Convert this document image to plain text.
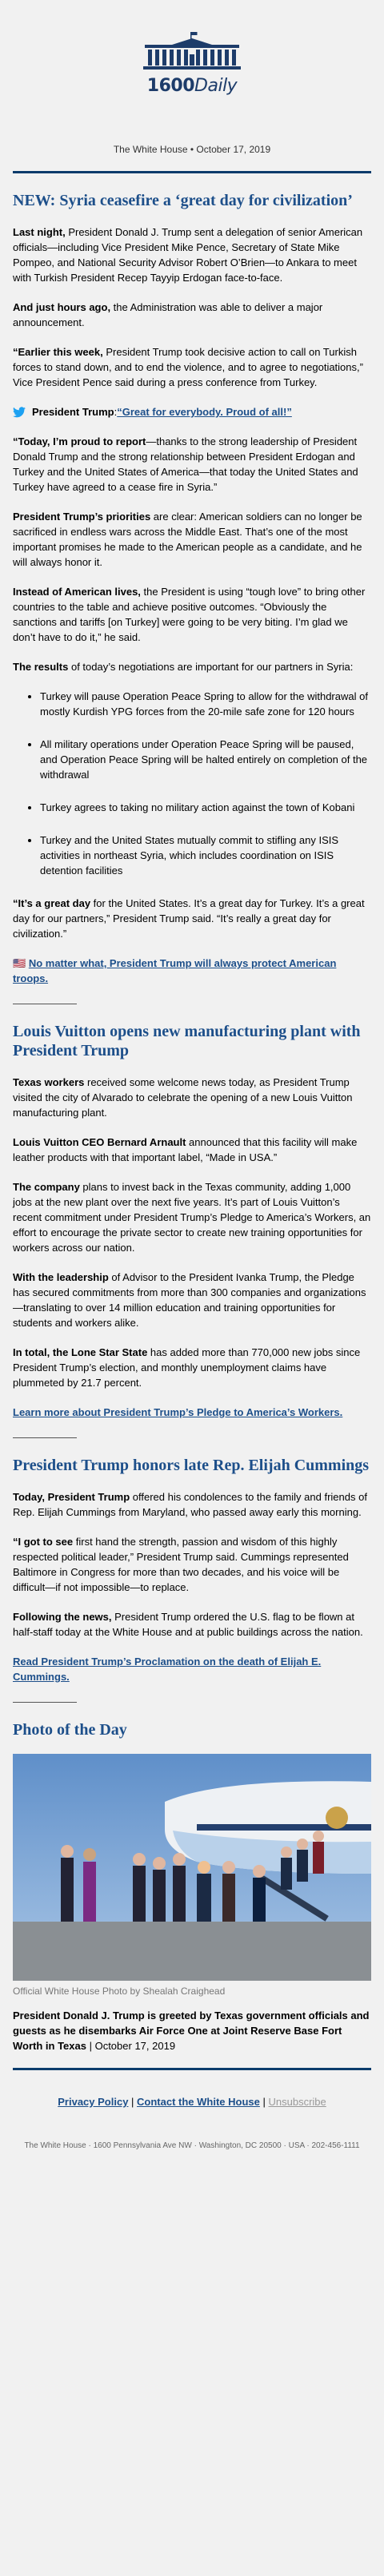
1600Daily
The White House • October 17, 2019
NEW: Syria ceasefire a ‘great day for civilization’

Last night, President Donald J. Trump sent a delegation of senior American officials—including Vice President Mike Pence, Secretary of State Mike Pompeo, and National Security Advisor Robert O’Brien—to Ankara to meet with Turkish President Recep Tayyip Erdogan face-to-face.

And just hours ago, the Administration was able to deliver a major announcement.

“Earlier this week, President Trump took decisive action to call on Turkish forces to stand down, and to end the violence, and to agree to negotiations,” Vice President Pence said during a press conference from Turkey.

President Trump : “Great for everybody. Proud of all!”

“Today, I’m proud to report—thanks to the strong leadership of President Donald Trump and the strong relationship between President Erdogan and Turkey and the United States of America—that today the United States and Turkey have agreed to a cease fire in Syria.”

President Trump’s priorities are clear: American soldiers can no longer be sacrificed in endless wars across the Middle East. That’s one of the most important promises he made to the American people as a candidate, and he will always honor it.

Instead of American lives, the President is using “tough love” to bring other countries to the table and achieve positive outcomes. “Obviously the sanctions and tariffs [on Turkey] were going to be very biting. I’m glad we don’t have to do it,” he said.

The results of today’s negotiations are important for our partners in Syria:

• Turkey will pause Operation Peace Spring to allow for the withdrawal of mostly Kurdish YPG forces from the 20-mile safe zone for 120 hours
• All military operations under Operation Peace Spring will be paused, and Operation Peace Spring will be halted entirely on completion of the withdrawal
• Turkey agrees to taking no military action against the town of Kobani
• Turkey and the United States mutually commit to stifling any ISIS activities in northeast Syria, which includes coordination on ISIS detention facilities

“It’s a great day for the United States. It’s a great day for Turkey. It’s a great day for our partners,” President Trump said. “It’s really a great day for civilization.”

🇺🇸 No matter what, President Trump will always protect American troops.

Louis Vuitton opens new manufacturing plant with President Trump

Texas workers received some welcome news today, as President Trump visited the city of Alvarado to celebrate the opening of a new Louis Vuitton manufacturing plant.

Louis Vuitton CEO Bernard Arnault announced that this facility will make leather products with that important label, “Made in USA.”

The company plans to invest back in the Texas community, adding 1,000 jobs at the new plant over the next five years. It’s part of Louis Vuitton’s recent commitment under President Trump’s Pledge to America’s Workers, an effort to encourage the private sector to create new training opportunities for workers across our nation.

With the leadership of Advisor to the President Ivanka Trump, the Pledge has secured commitments from more than 300 companies and organizations—translating to over 14 million education and training opportunities for students and workers alike.

In total, the Lone Star State has added more than 770,000 new jobs since President Trump’s election, and monthly unemployment claims have plummeted by 21.7 percent.

Learn more about President Trump’s Pledge to America’s Workers.

President Trump honors late Rep. Elijah Cummings

Today, President Trump offered his condolences to the family and friends of Rep. Elijah Cummings from Maryland, who passed away early this morning.

“I got to see first hand the strength, passion and wisdom of this highly respected political leader,” President Trump said. Cummings represented Baltimore in Congress for more than two decades, and his voice will be difficult—if not impossible—to replace.

Following the news, President Trump ordered the U.S. flag to be flown at half-staff today at the White House and at public buildings across the nation.

Read President Trump’s Proclamation on the death of Elijah E. Cummings.

Photo of the Day
Official White House Photo by Shealah Craighead

President Donald J. Trump is greeted by Texas government officials and guests as he disembarks Air Force One at Joint Reserve Base Fort Worth in Texas | October 17, 2019

Privacy Policy | Contact the White House | Unsubscribe
The White House · 1600 Pennsylvania Ave NW · Washington, DC 20500 · USA · 202-456-1111
